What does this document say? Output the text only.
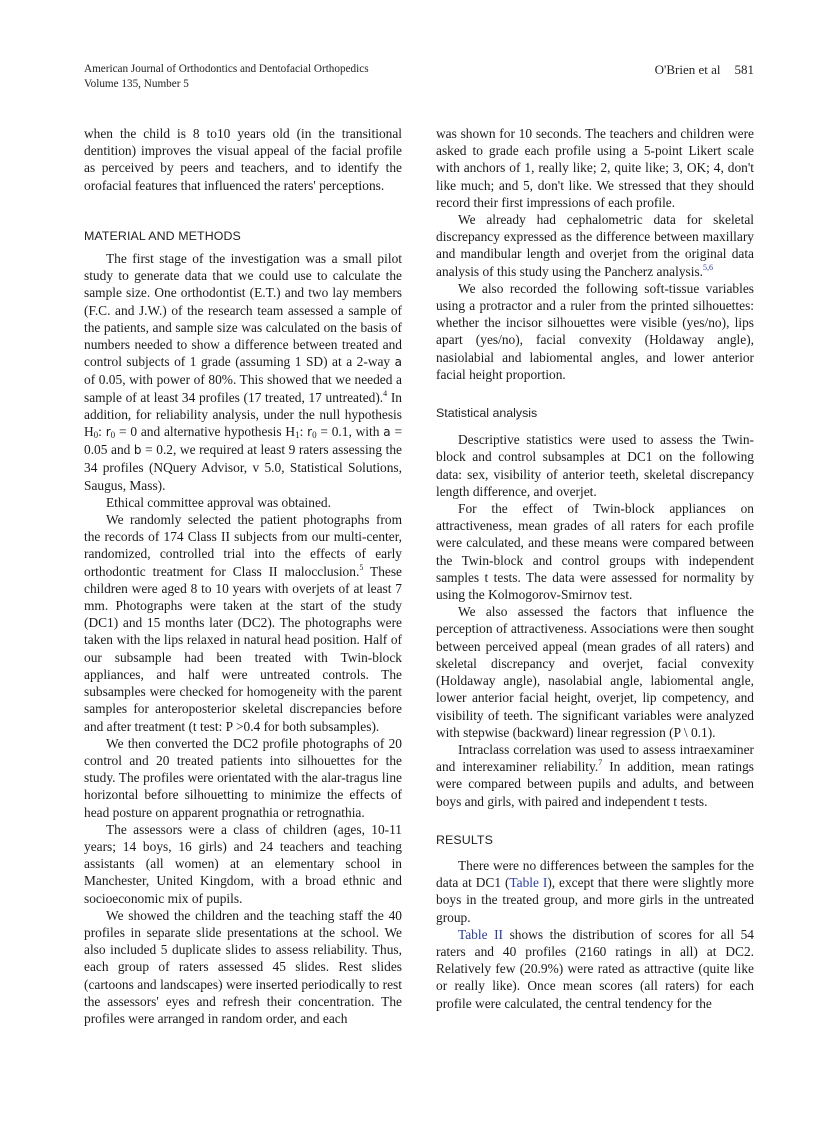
American Journal of Orthodontics and Dentofacial Orthopedics
Volume 135, Number 5
O'Brien et al 581

when the child is 8 to10 years old (in the transitional dentition) improves the visual appeal of the facial profile as perceived by peers and teachers, and to identify the orofacial features that influenced the raters' perceptions.

MATERIAL AND METHODS

The first stage of the investigation was a small pilot study to generate data that we could use to calculate the sample size. One orthodontist (E.T.) and two lay members (F.C. and J.W.) of the research team assessed a sample of the patients, and sample size was calculated on the basis of numbers needed to show a difference between treated and control subjects of 1 grade (assuming 1 SD) at a 2-way a of 0.05, with power of 80%. This showed that we needed a sample of at least 34 profiles (17 treated, 17 untreated).$^4$ In addition, for reliability analysis, under the null hypothesis $H_0$: $r_0 = 0$ and alternative hypothesis $H_1$: $r_0 = 0.1$, with a = 0.05 and b = 0.2, we required at least 9 raters assessing the 34 profiles (NQuery Advisor, v 5.0, Statistical Solutions, Saugus, Mass).

Ethical committee approval was obtained.

We randomly selected the patient photographs from the records of 174 Class II subjects from our multi-center, randomized, controlled trial into the effects of early orthodontic treatment for Class II malocclusion.$^5$ These children were aged 8 to 10 years with overjets of at least 7 mm. Photographs were taken at the start of the study (DC1) and 15 months later (DC2). The photographs were taken with the lips relaxed in natural head position. Half of our subsample had been treated with Twin-block appliances, and half were untreated controls. The subsamples were checked for homogeneity with the parent samples for anteroposterior skeletal discrepancies before and after treatment (t test: P >0.4 for both subsamples).

We then converted the DC2 profile photographs of 20 control and 20 treated patients into silhouettes for the study. The profiles were orientated with the alar-tragus line horizontal before silhouetting to minimize the effects of head posture on apparent prognathia or retrognathia.

The assessors were a class of children (ages, 10-11 years; 14 boys, 16 girls) and 24 teachers and teaching assistants (all women) at an elementary school in Manchester, United Kingdom, with a broad ethnic and socioeconomic mix of pupils.

We showed the children and the teaching staff the 40 profiles in separate slide presentations at the school. We also included 5 duplicate slides to assess reliability. Thus, each group of raters assessed 45 slides. Rest slides (cartoons and landscapes) were inserted periodically to rest the assessors' eyes and refresh their concentration. The profiles were arranged in random order, and each

was shown for 10 seconds. The teachers and children were asked to grade each profile using a 5-point Likert scale with anchors of 1, really like; 2, quite like; 3, OK; 4, don't like much; and 5, don't like. We stressed that they should record their first impressions of each profile.

We already had cephalometric data for skeletal discrepancy expressed as the difference between maxillary and mandibular length and overjet from the original data analysis of this study using the Pancherz analysis.$^{5,6}$

We also recorded the following soft-tissue variables using a protractor and a ruler from the printed silhouettes: whether the incisor silhouettes were visible (yes/no), lips apart (yes/no), facial convexity (Holdaway angle), nasiolabial and labiomental angles, and lower anterior facial height proportion.

Statistical analysis

Descriptive statistics were used to assess the Twin-block and control subsamples at DC1 on the following data: sex, visibility of anterior teeth, skeletal discrepancy length difference, and overjet.

For the effect of Twin-block appliances on attractiveness, mean grades of all raters for each profile were calculated, and these means were compared between the Twin-block and control groups with independent samples t tests. The data were assessed for normality by using the Kolmogorov-Smirnov test.

We also assessed the factors that influence the perception of attractiveness. Associations were then sought between perceived appeal (mean grades of all raters) and skeletal discrepancy and overjet, facial convexity (Holdaway angle), nasolabial angle, labiomental angle, lower anterior facial height, overjet, lip competency, and visibility of teeth. The significant variables were analyzed with stepwise (backward) linear regression (P \ 0.1).

Intraclass correlation was used to assess intraexaminer and interexaminer reliability.$^7$ In addition, mean ratings were compared between pupils and adults, and between boys and girls, with paired and independent t tests.

RESULTS

There were no differences between the samples for the data at DC1 (Table I), except that there were slightly more boys in the treated group, and more girls in the untreated group.

Table II shows the distribution of scores for all 54 raters and 40 profiles (2160 ratings in all) at DC2. Relatively few (20.9%) were rated as attractive (quite like or really like). Once mean scores (all raters) for each profile were calculated, the central tendency for the
